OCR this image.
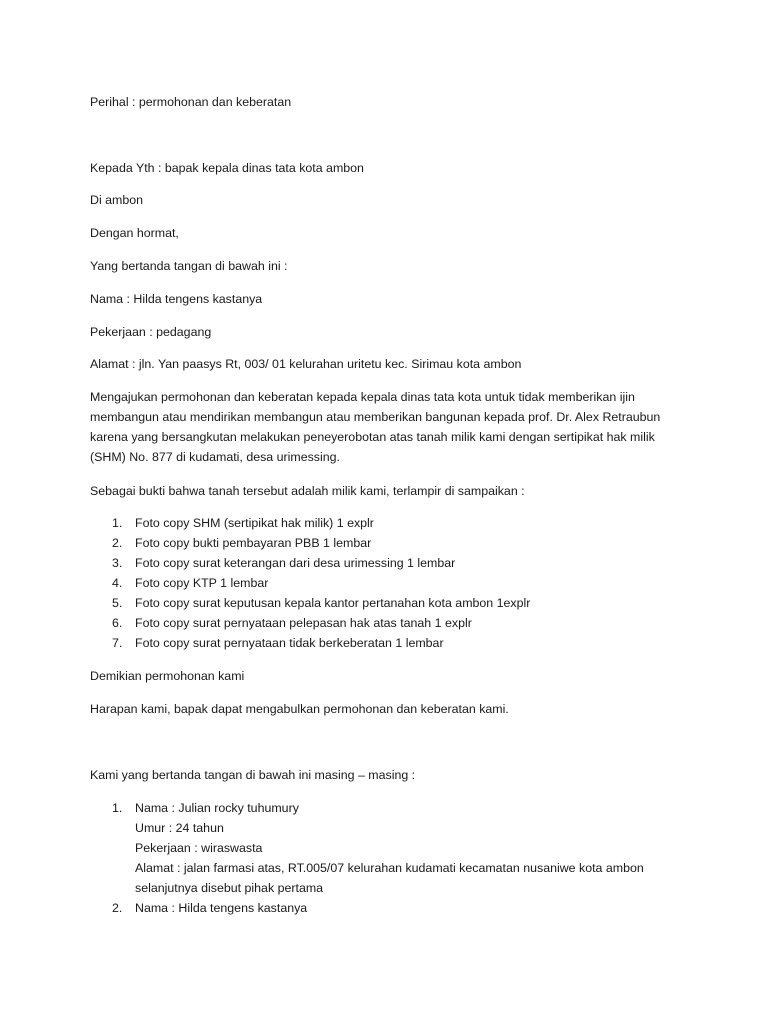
Perihal : permohonan dan keberatan

Kepada Yth : bapak kepala dinas tata kota ambon

Di ambon

Dengan hormat,

Yang bertanda tangan di bawah ini :

Nama : Hilda tengens kastanya

Pekerjaan : pedagang

Alamat : jln. Yan paasys Rt, 003/ 01 kelurahan uritetu kec. Sirimau kota ambon

Mengajukan permohonan dan keberatan kepada kepala dinas tata kota untuk tidak memberikan ijin
membangun atau mendirikan membangun atau memberikan bangunan kepada prof. Dr. Alex Retraubun
karena yang bersangkutan melakukan peneyerobotan atas tanah milik kami dengan sertipikat hak milik
(SHM) No. 877 di kudamati, desa urimessing.

Sebagai bukti bahwa tanah tersebut adalah milik kami, terlampir di sampaikan :

1. Foto copy SHM (sertipikat hak milik) 1 explr
2. Foto copy bukti pembayaran PBB 1 lembar
3. Foto copy surat keterangan dari desa urimessing 1 lembar
4. Foto copy KTP 1 lembar
5. Foto copy surat keputusan kepala kantor pertanahan kota ambon 1explr
6. Foto copy surat pernyataan pelepasan hak atas tanah 1 explr
7. Foto copy surat pernyataan tidak berkeberatan 1 lembar

Demikian permohonan kami

Harapan kami, bapak dapat mengabulkan permohonan dan keberatan kami.

Kami yang bertanda tangan di bawah ini masing – masing :

1.	Nama : Julian rocky tuhumury
Umur : 24 tahun
Pekerjaan : wiraswasta
Alamat : jalan farmasi atas, RT.005/07 kelurahan kudamati kecamatan nusaniwe kota ambon
selanjutnya disebut pihak pertama
2.	Nama : Hilda tengens kastanya
